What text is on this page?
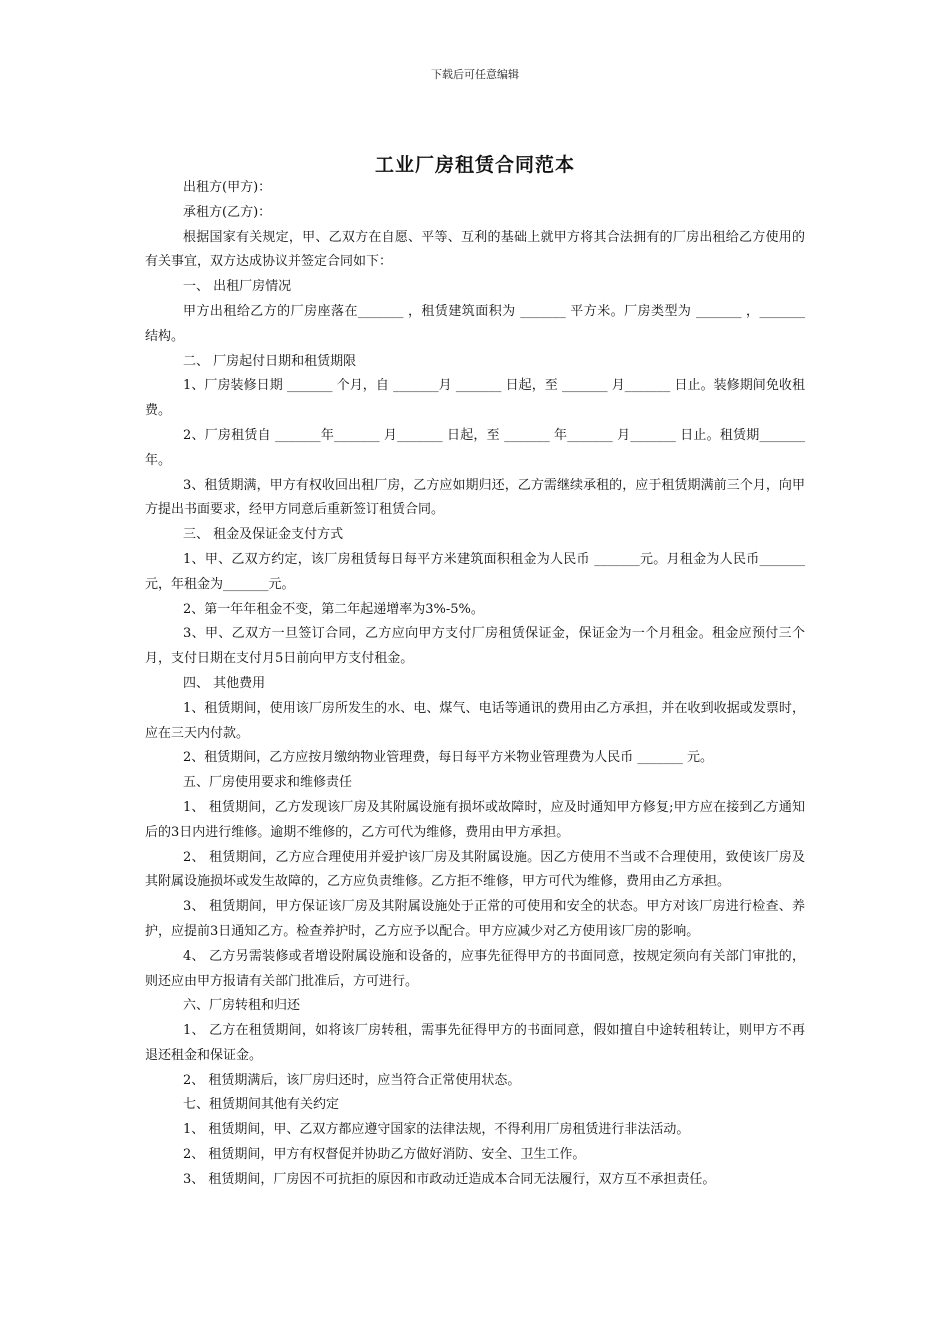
下载后可任意编辑
工业厂房租赁合同范本

出租方(甲方)：

承租方(乙方)：

根据国家有关规定，甲、乙双方在自愿、平等、互利的基础上就甲方将其合法拥有的厂房出租给乙方使用的有关事宜，双方达成协议并签定合同如下：

一、 出租厂房情况

甲方出租给乙方的厂房座落在_______ ，租赁建筑面积为 _______ 平方米。厂房类型为 _______ ，_______ 结构。

二、 厂房起付日期和租赁期限

1、厂房装修日期 _______ 个月，自 _______月 _______ 日起，至 _______ 月_______ 日止。装修期间免收租费。

2、厂房租赁自 _______年_______ 月_______ 日起，至 _______ 年_______ 月_______ 日止。租赁期_______ 年。

3、租赁期满，甲方有权收回出租厂房，乙方应如期归还，乙方需继续承租的，应于租赁期满前三个月，向甲方提出书面要求，经甲方同意后重新签订租赁合同。

三、 租金及保证金支付方式

1、甲、乙双方约定，该厂房租赁每日每平方米建筑面积租金为人民币 _______元。月租金为人民币_______元，年租金为_______元。

2、第一年年租金不变，第二年起递增率为3%-5%。

3、甲、乙双方一旦签订合同，乙方应向甲方支付厂房租赁保证金，保证金为一个月租金。租金应预付三个月，支付日期在支付月5日前向甲方支付租金。

四、 其他费用

1、租赁期间，使用该厂房所发生的水、电、煤气、电话等通讯的费用由乙方承担，并在收到收据或发票时，应在三天内付款。

2、租赁期间，乙方应按月缴纳物业管理费，每日每平方米物业管理费为人民币 _______ 元。

五、厂房使用要求和维修责任

1、 租赁期间，乙方发现该厂房及其附属设施有损坏或故障时，应及时通知甲方修复;甲方应在接到乙方通知后的3日内进行维修。逾期不维修的，乙方可代为维修，费用由甲方承担。

2、 租赁期间，乙方应合理使用并爱护该厂房及其附属设施。因乙方使用不当或不合理使用，致使该厂房及其附属设施损坏或发生故障的，乙方应负责维修。乙方拒不维修，甲方可代为维修，费用由乙方承担。

3、 租赁期间，甲方保证该厂房及其附属设施处于正常的可使用和安全的状态。甲方对该厂房进行检查、养护，应提前3日通知乙方。检查养护时，乙方应予以配合。甲方应减少对乙方使用该厂房的影响。

4、 乙方另需装修或者增设附属设施和设备的，应事先征得甲方的书面同意，按规定须向有关部门审批的，则还应由甲方报请有关部门批准后，方可进行。

六、厂房转租和归还

1、 乙方在租赁期间，如将该厂房转租，需事先征得甲方的书面同意，假如擅自中途转租转让，则甲方不再退还租金和保证金。

2、 租赁期满后，该厂房归还时，应当符合正常使用状态。

七、租赁期间其他有关约定

1、 租赁期间，甲、乙双方都应遵守国家的法律法规，不得利用厂房租赁进行非法活动。

2、 租赁期间，甲方有权督促并协助乙方做好消防、安全、卫生工作。

3、 租赁期间，厂房因不可抗拒的原因和市政动迁造成本合同无法履行，双方互不承担责任。
